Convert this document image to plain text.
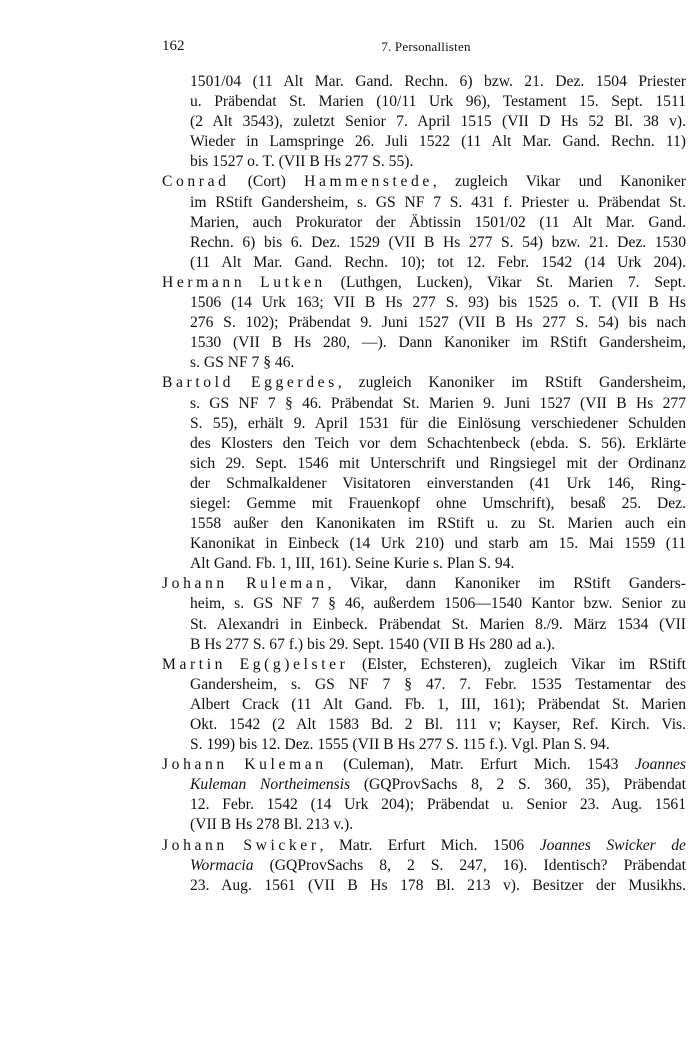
162	7. Personallisten
1501/04 (11 Alt Mar. Gand. Rechn. 6) bzw. 21. Dez. 1504 Priester
u. Präbendat St. Marien (10/11 Urk 96), Testament 15. Sept. 1511
(2 Alt 3543), zuletzt Senior 7. April 1515 (VII D Hs 52 Bl. 38 v).
Wieder in Lamspringe 26. Juli 1522 (11 Alt Mar. Gand. Rechn. 11)
bis 1527 o. T. (VII B Hs 277 S. 55).
Conrad (Cort) Hammenstede, zugleich Vikar und Kanoniker
im RStift Gandersheim, s. GS NF 7 S. 431 f. Priester u. Präbendat St.
Marien, auch Prokurator der Äbtissin 1501/02 (11 Alt Mar. Gand.
Rechn. 6) bis 6. Dez. 1529 (VII B Hs 277 S. 54) bzw. 21. Dez. 1530
(11 Alt Mar. Gand. Rechn. 10); tot 12. Febr. 1542 (14 Urk 204).
Hermann Lutken (Luthgen, Lucken), Vikar St. Marien 7. Sept.
1506 (14 Urk 163; VII B Hs 277 S. 93) bis 1525 o. T. (VII B Hs
276 S. 102); Präbendat 9. Juni 1527 (VII B Hs 277 S. 54) bis nach
1530 (VII B Hs 280, —). Dann Kanoniker im RStift Gandersheim,
s. GS NF 7 § 46.
Bartold Eggerdes, zugleich Kanoniker im RStift Gandersheim,
s. GS NF 7 § 46. Präbendat St. Marien 9. Juni 1527 (VII B Hs 277
S. 55), erhält 9. April 1531 für die Einlösung verschiedener Schulden
des Klosters den Teich vor dem Schachtenbeck (ebda. S. 56). Erklärte
sich 29. Sept. 1546 mit Unterschrift und Ringsiegel mit der Ordinanz
der Schmalkaldener Visitatoren einverstanden (41 Urk 146, Ring-
siegel: Gemme mit Frauenkopf ohne Umschrift), besaß 25. Dez.
1558 außer den Kanonikaten im RStift u. zu St. Marien auch ein
Kanonikat in Einbeck (14 Urk 210) und starb am 15. Mai 1559 (11
Alt Gand. Fb. 1, III, 161). Seine Kurie s. Plan S. 94.
Johann Ruleman, Vikar, dann Kanoniker im RStift Ganders-
heim, s. GS NF 7 § 46, außerdem 1506—1540 Kantor bzw. Senior zu
St. Alexandri in Einbeck. Präbendat St. Marien 8./9. März 1534 (VII
B Hs 277 S. 67 f.) bis 29. Sept. 1540 (VII B Hs 280 ad a.).
Martin Eg(g)elster (Elster, Echsteren), zugleich Vikar im RStift
Gandersheim, s. GS NF 7 § 47. 7. Febr. 1535 Testamentar des
Albert Crack (11 Alt Gand. Fb. 1, III, 161); Präbendat St. Marien
Okt. 1542 (2 Alt 1583 Bd. 2 Bl. 111 v; Kayser, Ref. Kirch. Vis.
S. 199) bis 12. Dez. 1555 (VII B Hs 277 S. 115 f.). Vgl. Plan S. 94.
Johann Kuleman (Culeman), Matr. Erfurt Mich. 1543 Joannes
Kuleman Northeimensis (GQProvSachs 8, 2 S. 360, 35), Präbendat
12. Febr. 1542 (14 Urk 204); Präbendat u. Senior 23. Aug. 1561
(VII B Hs 278 Bl. 213 v.).
Johann Swicker, Matr. Erfurt Mich. 1506 Joannes Swicker de
Wormacia (GQProvSachs 8, 2 S. 247, 16). Identisch? Präbendat
23. Aug. 1561 (VII B Hs 178 Bl. 213 v). Besitzer der Musikhs.
